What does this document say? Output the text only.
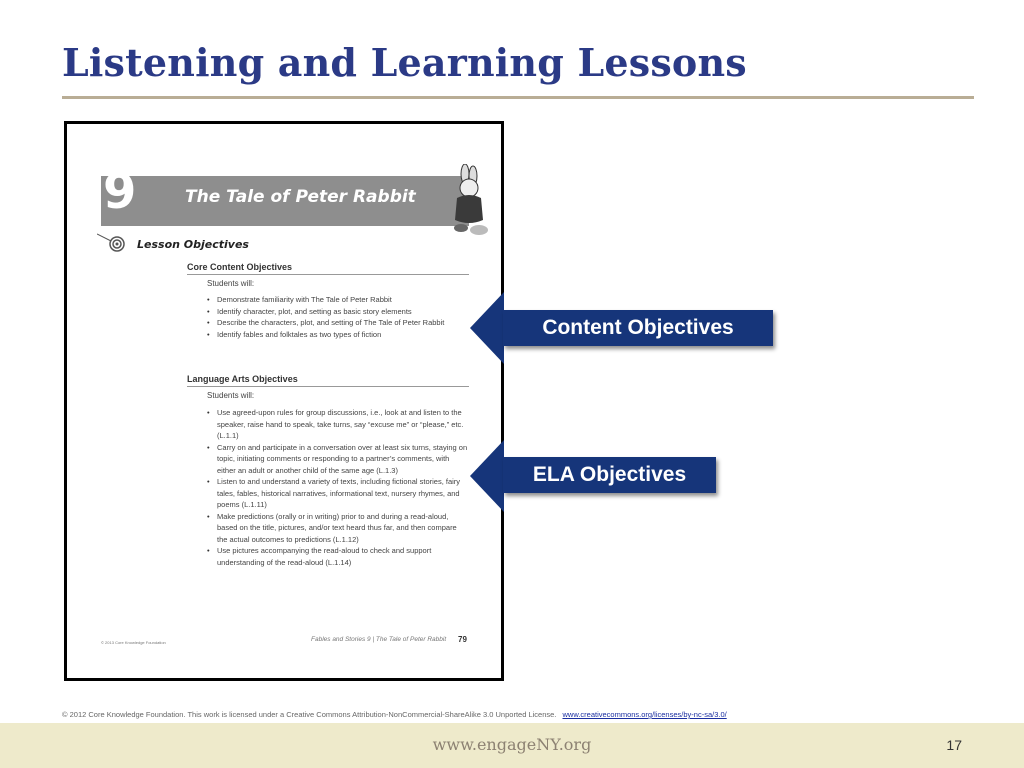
Listening and Learning Lessons
9	The Tale of Peter Rabbit
Lesson Objectives
Core Content Objectives
Students will:
• Demonstrate familiarity with The Tale of Peter Rabbit
• Identify character, plot, and setting as basic story elements
• Describe the characters, plot, and setting of The Tale of Peter Rabbit
• Identify fables and folktales as two types of fiction
Language Arts Objectives
Students will:
• Use agreed-upon rules for group discussions, i.e., look at and listen to the speaker, raise hand to speak, take turns, say “excuse me” or “please,” etc. (L.1.1)
• Carry on and participate in a conversation over at least six turns, staying on topic, initiating comments or responding to a partner’s comments, with either an adult or another child of the same age (L.1.3)
• Listen to and understand a variety of texts, including fictional stories, fairy tales, fables, historical narratives, informational text, nursery rhymes, and poems (L.1.11)
• Make predictions (orally or in writing) prior to and during a read-aloud, based on the title, pictures, and/or text heard thus far, and then compare the actual outcomes to predictions (L.1.12)
• Use pictures accompanying the read-aloud to check and support understanding of the read-aloud (L.1.14)
© 2013 Core Knowledge Foundation	Fables and Stories 9 | The Tale of Peter Rabbit 79
Content Objectives
ELA Objectives
© 2012 Core Knowledge Foundation. This work is licensed under a Creative Commons Attribution-NonCommercial-ShareAlike 3.0 Unported License. www.creativecommons.org/licenses/by-nc-sa/3.0/
www.engageNY.org	17
